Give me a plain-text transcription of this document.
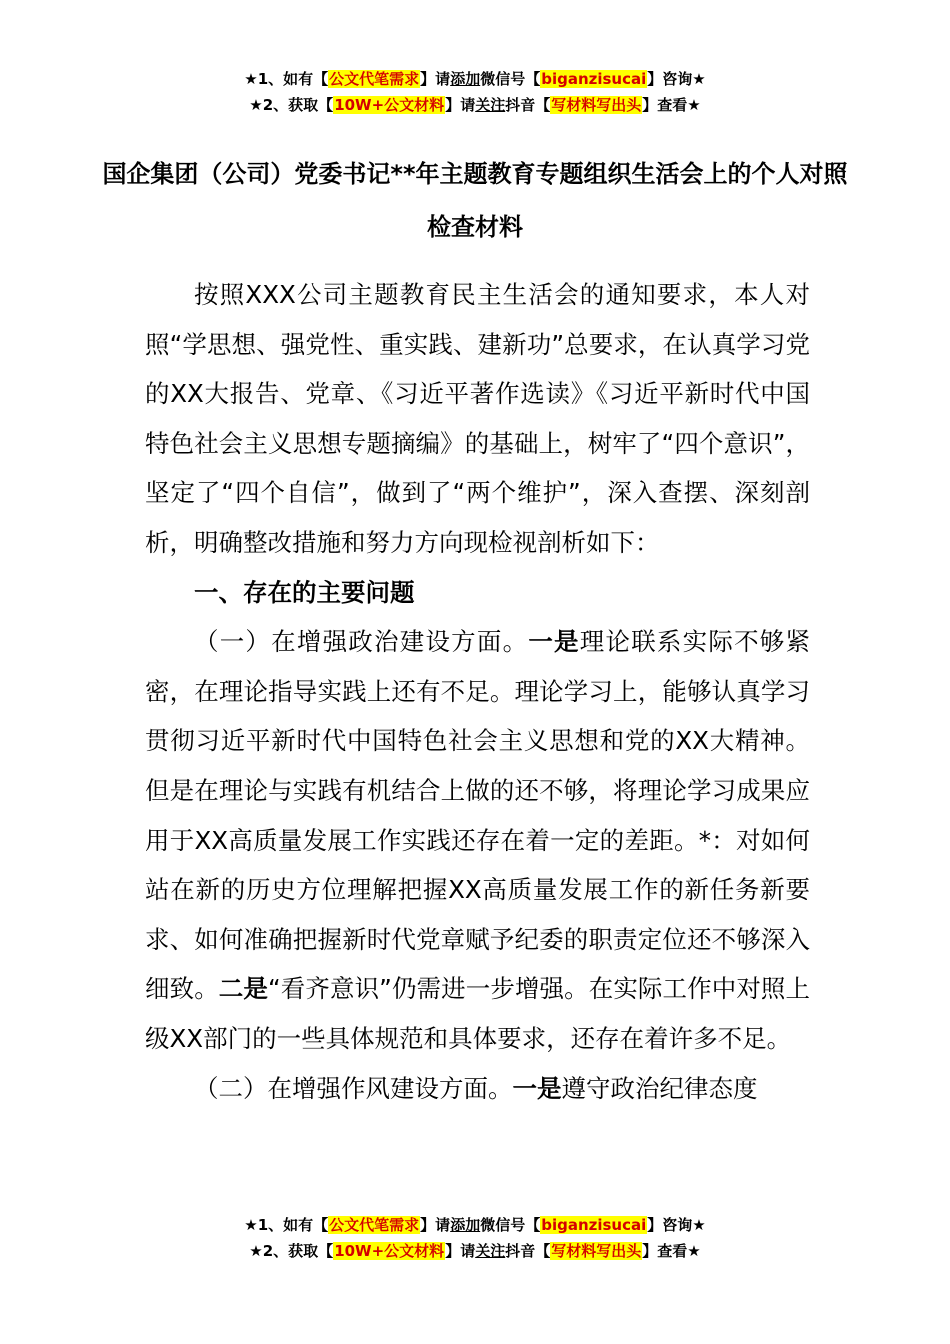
★1、如有【公文代笔需求】请添加微信号【biganzisucai】咨询★
★2、获取【10W+公文材料】请关注抖音【写材料写出头】查看★
国企集团（公司）党委书记**年主题教育专题组织生活会上的个人对照检查材料

按照XXX公司主题教育民主生活会的通知要求，本人对照“学思想、强党性、重实践、建新功”总要求，在认真学习党的XX大报告、党章、《习近平著作选读》《习近平新时代中国特色社会主义思想专题摘编》的基础上，树牢了“四个意识”，坚定了“四个自信”，做到了“两个维护”，深入查摆、深刻剖析，明确整改措施和努力方向现检视剖析如下：

一、存在的主要问题

（一）在增强政治建设方面。一是理论联系实际不够紧密，在理论指导实践上还有不足。理论学习上，能够认真学习贯彻习近平新时代中国特色社会主义思想和党的XX大精神。但是在理论与实践有机结合上做的还不够，将理论学习成果应用于XX高质量发展工作实践还存在着一定的差距。*：对如何站在新的历史方位理解把握XX高质量发展工作的新任务新要求、如何准确把握新时代党章赋予纪委的职责定位还不够深入细致。二是“看齐意识”仍需进一步增强。在实际工作中对照上级XX部门的一些具体规范和具体要求，还存在着许多不足。

（二）在增强作风建设方面。一是遵守政治纪律态度

★1、如有【公文代笔需求】请添加微信号【biganzisucai】咨询★
★2、获取【10W+公文材料】请关注抖音【写材料写出头】查看★
